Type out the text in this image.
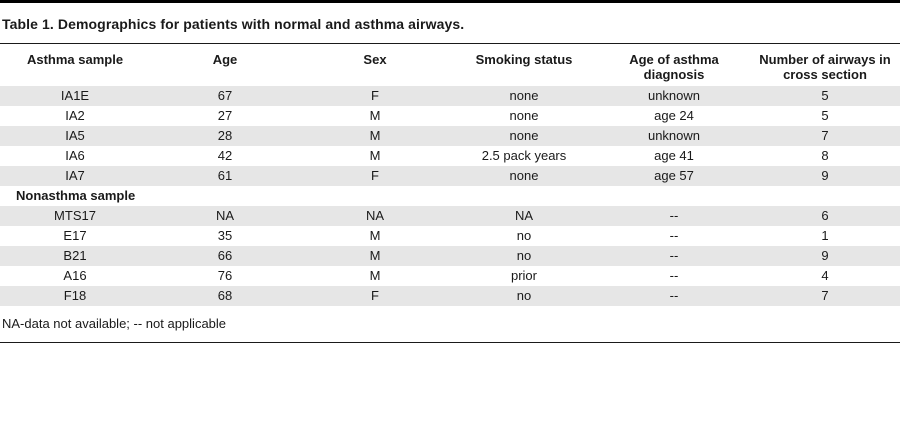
Table 1. Demographics for patients with normal and asthma airways.
Asthma sample	Age	Sex	Smoking status	Age of asthma diagnosis	Number of airways in cross section
IA1E	67	F	none	unknown	5
IA2	27	M	none	age 24	5
IA5	28	M	none	unknown	7
IA6	42	M	2.5 pack years	age 41	8
IA7	61	F	none	age 57	9
Nonasthma sample					
MTS17	NA	NA	NA	--	6
E17	35	M	no	--	1
B21	66	M	no	--	9
A16	76	M	prior	--	4
F18	68	F	no	--	7
NA-data not available; -- not applicable
